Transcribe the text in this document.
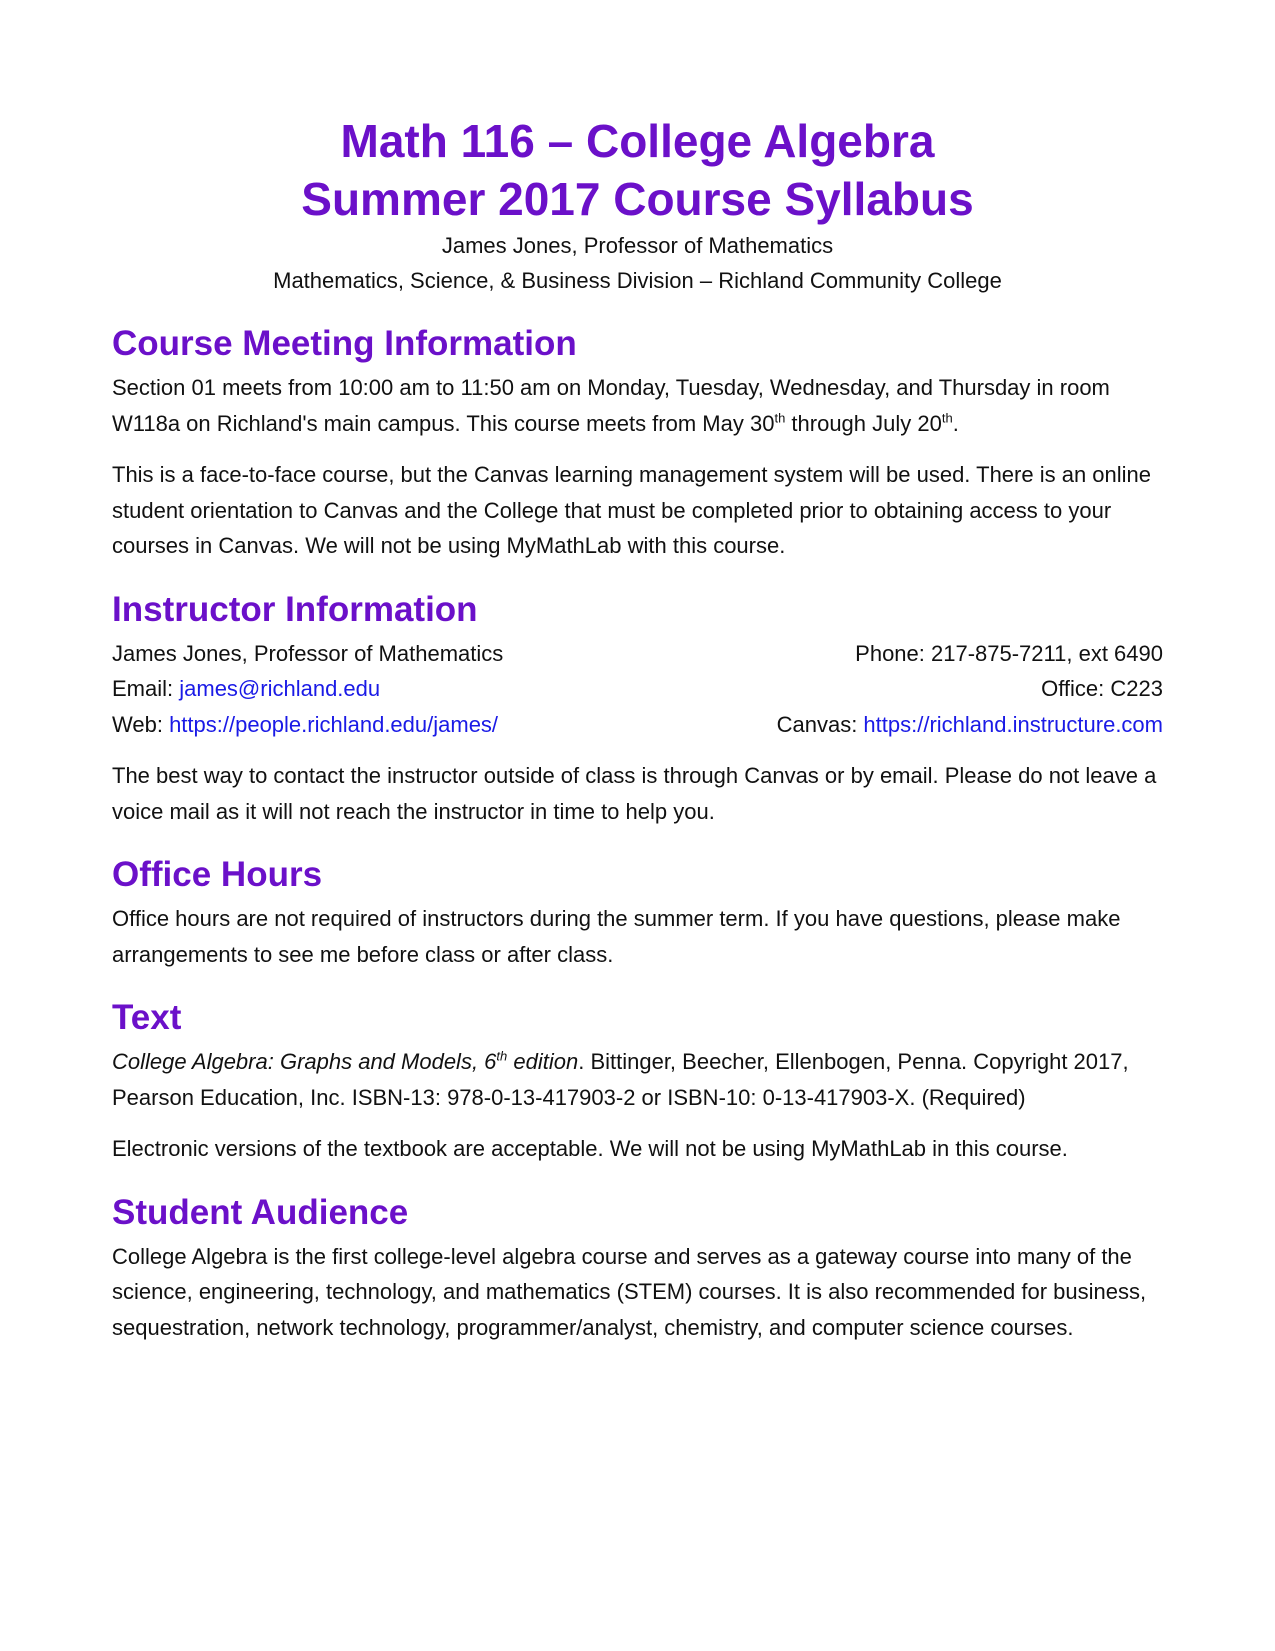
Math 116 – College Algebra
Summer 2017 Course Syllabus

James Jones, Professor of Mathematics

Mathematics, Science, & Business Division – Richland Community College

Course Meeting Information

Section 01 meets from 10:00 am to 11:50 am on Monday, Tuesday, Wednesday, and Thursday in room W118a on Richland's main campus. This course meets from May 30th through July 20th.

This is a face-to-face course, but the Canvas learning management system will be used. There is an online student orientation to Canvas and the College that must be completed prior to obtaining access to your courses in Canvas. We will not be using MyMathLab with this course.

Instructor Information
James Jones, Professor of Mathematics	Phone: 217-875-7211, ext 6490
Email: james@richland.edu	Office: C223
Web: https://people.richland.edu/james/	Canvas: https://richland.instructure.com

The best way to contact the instructor outside of class is through Canvas or by email. Please do not leave a voice mail as it will not reach the instructor in time to help you.

Office Hours

Office hours are not required of instructors during the summer term. If you have questions, please make arrangements to see me before class or after class.

Text

College Algebra: Graphs and Models, 6th edition. Bittinger, Beecher, Ellenbogen, Penna. Copyright 2017, Pearson Education, Inc. ISBN-13: 978-0-13-417903-2 or ISBN-10: 0-13-417903-X. (Required)

Electronic versions of the textbook are acceptable. We will not be using MyMathLab in this course.

Student Audience

College Algebra is the first college-level algebra course and serves as a gateway course into many of the science, engineering, technology, and mathematics (STEM) courses. It is also recommended for business, sequestration, network technology, programmer/analyst, chemistry, and computer science courses.
